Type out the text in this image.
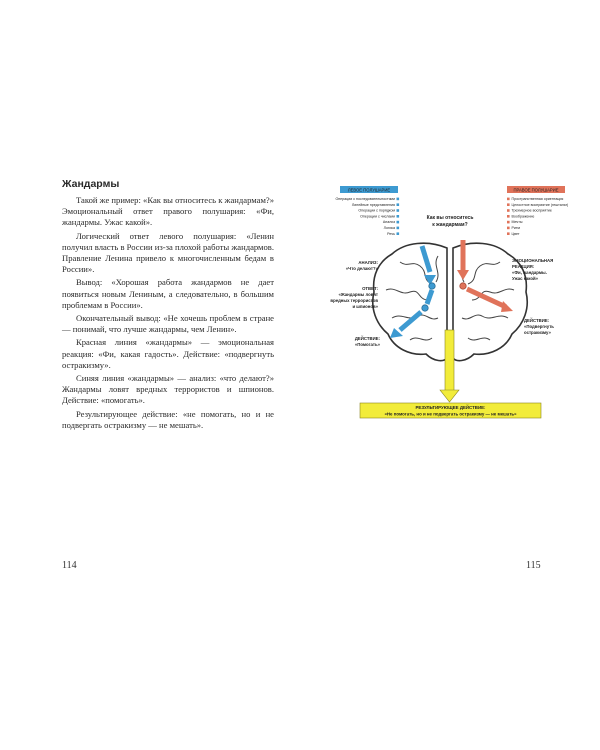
Жандармы

Такой же пример: «Как вы относитесь к жандармам?» Эмоциональный ответ правого полушария: «Фи, жандармы. Ужас какой».

Логический ответ левого полушария: «Ленин получил власть в России из-за плохой работы жандармов. Правление Ленина привело к многочисленным бедам в России».

Вывод: «Хорошая работа жандармов не дает появиться новым Лениным, а следовательно, в большим проблемам в России».

Окончательный вывод: «Не хочешь проблем в стране — понимай, что лучше жандармы, чем Ленин».

Красная линия «жандармы» — эмоциональная реакция: «Фи, какая гадость». Действие: «подвергнуть остракизму».

Синяя линия «жандармы» — анализ: «что делают?» Жандармы ловят вредных террористов и шпионов. Действие: «помогать».

Результирующее действие: «не помогать, но и не подвергать остракизму — не мешать».

114
ЛЕВОЕ ПОЛУШАРИЕ
Операции с последовательностями
Линейные представления
Операции с порядком
Операции с числами
Анализ
Логика
Речь
ПРАВОЕ ПОЛУШАРИЕ
Пространственная ориентация
Целостное восприятие (гештальт)
Трехмерное восприятие
Воображение
Мечты
Ритм
Цвет
Как вы относитесь
к жандармам?
АНАЛИЗ:
«Что делают?»
ОТВЕТ:
«Жандармы ловят
вредных террористов
и шпионов»
ДЕЙСТВИЕ:
«Помогать»
ЭМОЦИОНАЛЬНАЯ
РЕАКЦИЯ:
«Фи, жандармы.
Ужас какой»
ДЕЙСТВИЕ:
«Подвергнуть
остракизму»
РЕЗУЛЬТИРУЮЩЕЕ ДЕЙСТВИЕ:
«Не помогать, но и не подвергать остракизму — не мешать»
115
